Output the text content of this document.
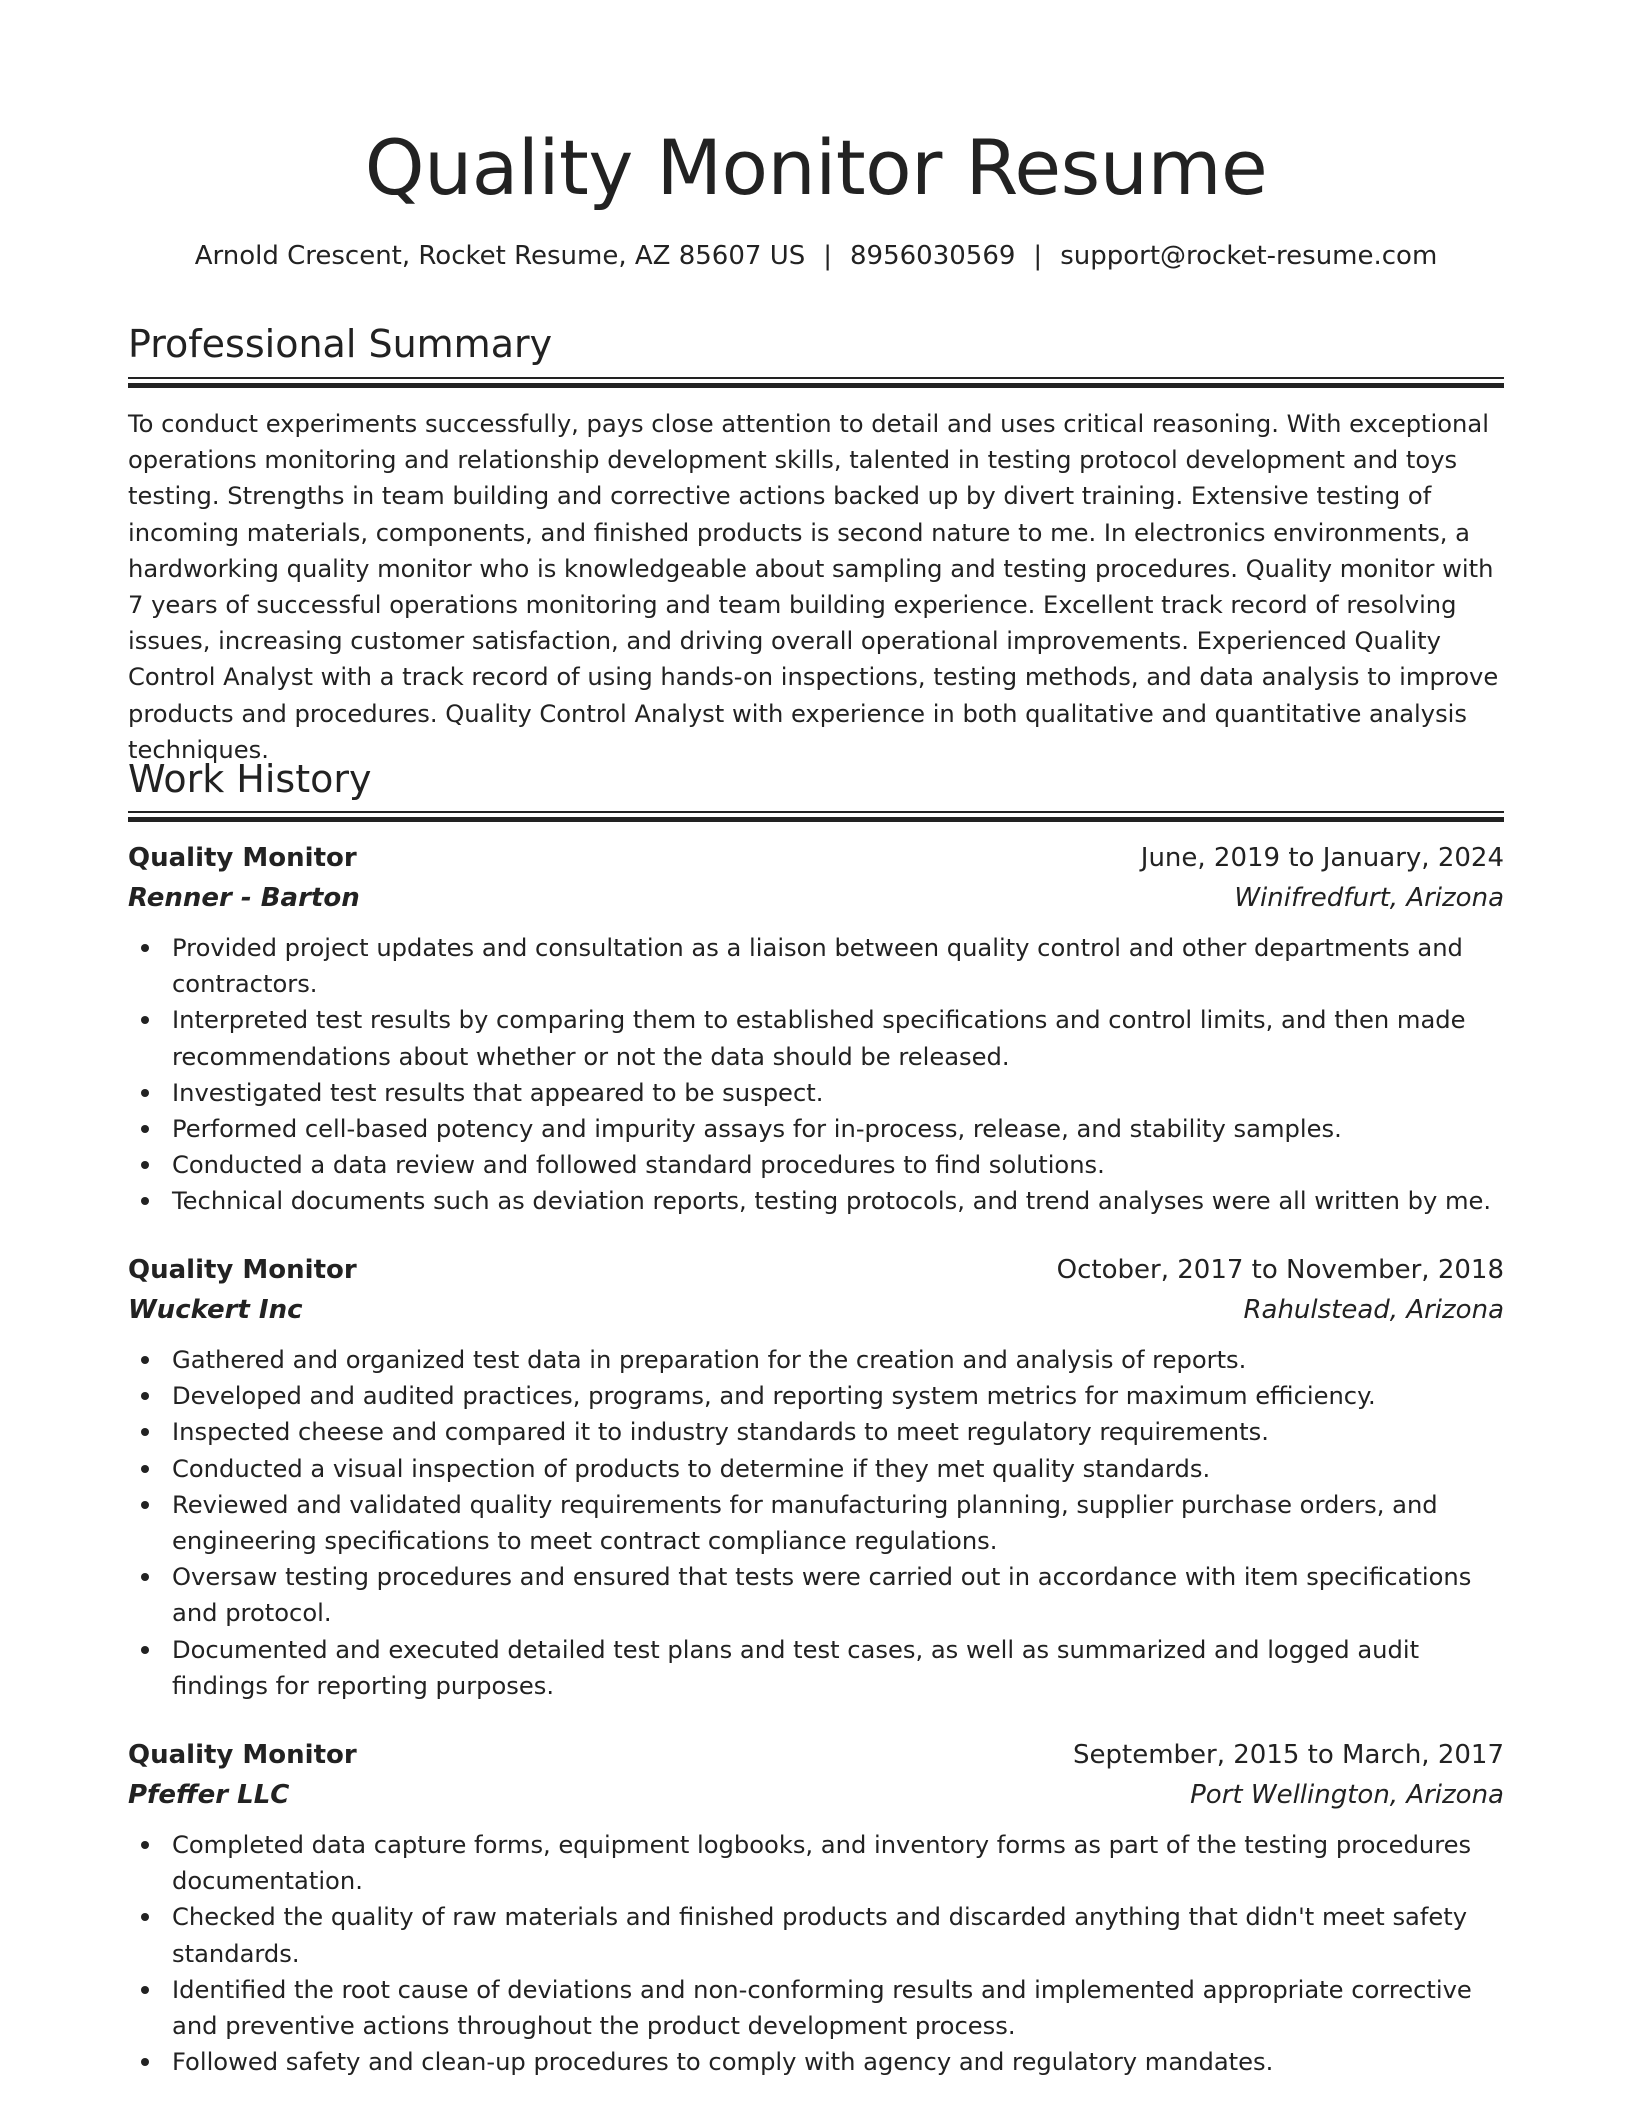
Quality Monitor Resume
Arnold Crescent, Rocket Resume, AZ 85607 US | 8956030569 | support@rocket-resume.com
Professional Summary

To conduct experiments successfully, pays close attention to detail and uses critical reasoning. With exceptional operations monitoring and relationship development skills, talented in testing protocol development and toys testing. Strengths in team building and corrective actions backed up by divert training. Extensive testing of incoming materials, components, and finished products is second nature to me. In electronics environments, a hardworking quality monitor who is knowledgeable about sampling and testing procedures. Quality monitor with 7 years of successful operations monitoring and team building experience. Excellent track record of resolving issues, increasing customer satisfaction, and driving overall operational improvements. Experienced Quality Control Analyst with a track record of using hands-on inspections, testing methods, and data analysis to improve products and procedures. Quality Control Analyst with experience in both qualitative and quantitative analysis techniques.

Work History
Quality Monitor	June, 2019 to January, 2024
Renner - Barton	Winifredfurt, Arizona
Provided project updates and consultation as a liaison between quality control and other departments and contractors.
Interpreted test results by comparing them to established specifications and control limits, and then made recommendations about whether or not the data should be released.
Investigated test results that appeared to be suspect.
Performed cell-based potency and impurity assays for in-process, release, and stability samples.
Conducted a data review and followed standard procedures to find solutions.
Technical documents such as deviation reports, testing protocols, and trend analyses were all written by me.
Quality Monitor	October, 2017 to November, 2018
Wuckert Inc	Rahulstead, Arizona
Gathered and organized test data in preparation for the creation and analysis of reports.
Developed and audited practices, programs, and reporting system metrics for maximum efficiency.
Inspected cheese and compared it to industry standards to meet regulatory requirements.
Conducted a visual inspection of products to determine if they met quality standards.
Reviewed and validated quality requirements for manufacturing planning, supplier purchase orders, and engineering specifications to meet contract compliance regulations.
Oversaw testing procedures and ensured that tests were carried out in accordance with item specifications and protocol.
Documented and executed detailed test plans and test cases, as well as summarized and logged audit findings for reporting purposes.
Quality Monitor	September, 2015 to March, 2017
Pfeffer LLC	Port Wellington, Arizona
Completed data capture forms, equipment logbooks, and inventory forms as part of the testing procedures documentation.
Checked the quality of raw materials and finished products and discarded anything that didn't meet safety standards.
Identified the root cause of deviations and non-conforming results and implemented appropriate corrective and preventive actions throughout the product development process.
Followed safety and clean-up procedures to comply with agency and regulatory mandates.
